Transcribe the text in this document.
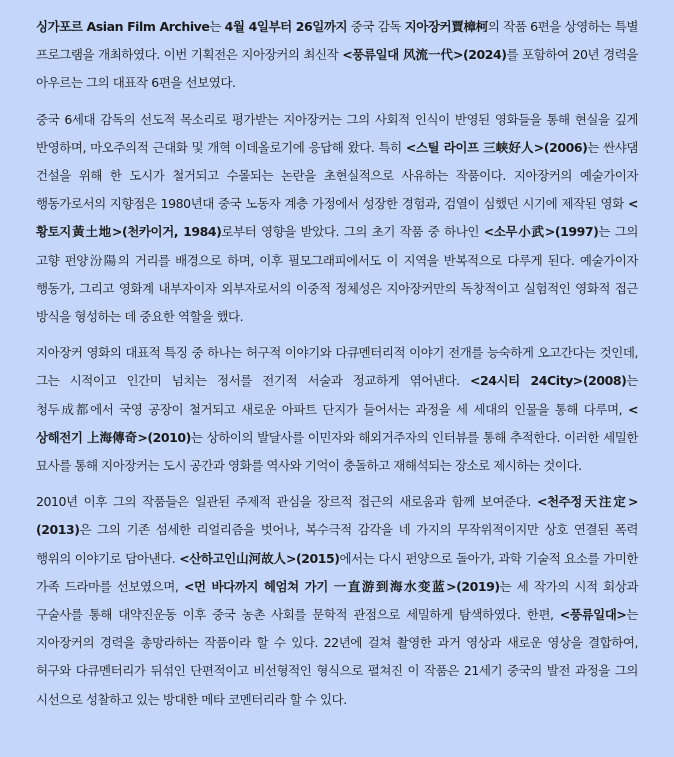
싱가포르 Asian Film Archive는 4월 4일부터 26일까지 중국 감독 지아장커賈樟柯의 작품 6편을 상영하는 특별 프로그램을 개최하였다. 이번 기획전은 지아장커의 최신작 <풍류일대 风流一代>(2024)를 포함하여 20년 경력을 아우르는 그의 대표작 6편을 선보였다.

중국 6세대 감독의 선도적 목소리로 평가받는 지아장커는 그의 사회적 인식이 반영된 영화들을 통해 현실을 깊게 반영하며, 마오주의적 근대화 및 개혁 이데올로기에 응답해 왔다. 특히 <스틸 라이프 三峡好人>(2006)는 싼샤댐 건설을 위해 한 도시가 철거되고 수몰되는 논란을 초현실적으로 사유하는 작품이다. 지아장커의 예술가이자 행동가로서의 지향점은 1980년대 중국 노동자 계층 가정에서 성장한 경험과, 검열이 심했던 시기에 제작된 영화 <황토지黃土地>(천카이거, 1984)로부터 영향을 받았다. 그의 초기 작품 중 하나인 <소무小武>(1997)는 그의 고향 펀양汾陽의 거리를 배경으로 하며, 이후 필모그래피에서도 이 지역을 반복적으로 다루게 된다. 예술가이자 행동가, 그리고 영화계 내부자이자 외부자로서의 이중적 정체성은 지아장커만의 독창적이고 실험적인 영화적 접근 방식을 형성하는 데 중요한 역할을 했다.

지아장커 영화의 대표적 특징 중 하나는 허구적 이야기와 다큐멘터리적 이야기 전개를 능숙하게 오고간다는 것인데, 그는 시적이고 인간미 넘치는 정서를 전기적 서술과 정교하게 엮어낸다. <24시티 24City>(2008)는 청두成都에서 국영 공장이 철거되고 새로운 아파트 단지가 들어서는 과정을 세 세대의 인물을 통해 다루며, <상해전기 上海傳奇>(2010)는 상하이의 발달사를 이민자와 해외거주자의 인터뷰를 통해 추적한다. 이러한 세밀한 묘사를 통해 지아장커는 도시 공간과 영화를 역사와 기억이 충돌하고 재해석되는 장소로 제시하는 것이다.

2010년 이후 그의 작품들은 일관된 주제적 관심을 장르적 접근의 새로움과 함께 보여준다. <천주정天注定>(2013)은 그의 기존 섬세한 리얼리즘을 벗어나, 복수극적 감각을 네 가지의 무작위적이지만 상호 연결된 폭력 행위의 이야기로 담아낸다. <산하고인山河故人>(2015)에서는 다시 펀양으로 돌아가, 과학 기술적 요소를 가미한 가족 드라마를 선보였으며, <먼 바다까지 헤엄쳐 가기 一直游到海水变蓝>(2019)는 세 작가의 시적 회상과 구술사를 통해 대약진운동 이후 중국 농촌 사회를 문학적 관점으로 세밀하게 탐색하였다. 한편, <풍류일대>는 지아장커의 경력을 총망라하는 작품이라 할 수 있다. 22년에 걸쳐 촬영한 과거 영상과 새로운 영상을 결합하여, 허구와 다큐멘터리가 뒤섞인 단편적이고 비선형적인 형식으로 펼쳐진 이 작품은 21세기 중국의 발전 과정을 그의 시선으로 성찰하고 있는 방대한 메타 코멘터리라 할 수 있다.
